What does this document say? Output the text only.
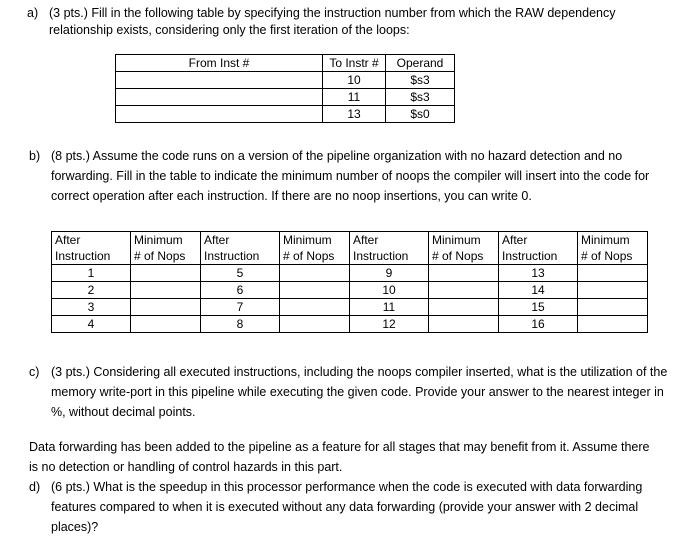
a) (3 pts.) Fill in the following table by specifying the instruction number from which the RAW dependency relationship exists, considering only the first iteration of the loops:
From Inst #	To Instr #	Operand
	10	$s3
	11	$s3
	13	$s0
b) (8 pts.) Assume the code runs on a version of the pipeline organization with no hazard detection and no forwarding. Fill in the table to indicate the minimum number of noops the compiler will insert into the code for correct operation after each instruction. If there are no noop insertions, you can write 0.
After	Minimum	After	Minimum	After	Minimum	After	Minimum
Instruction	# of Nops	Instruction	# of Nops	Instruction	# of Nops	Instruction	# of Nops
1		5		9		13	
2		6		10		14	
3		7		11		15	
4		8		12		16	
c) (3 pts.) Considering all executed instructions, including the noops compiler inserted, what is the utilization of the memory write-port in this pipeline while executing the given code. Provide your answer to the nearest integer in %, without decimal points.
Data forwarding has been added to the pipeline as a feature for all stages that may benefit from it. Assume there is no detection or handling of control hazards in this part.
d) (6 pts.) What is the speedup in this processor performance when the code is executed with data forwarding features compared to when it is executed without any data forwarding (provide your answer with 2 decimal places)?
